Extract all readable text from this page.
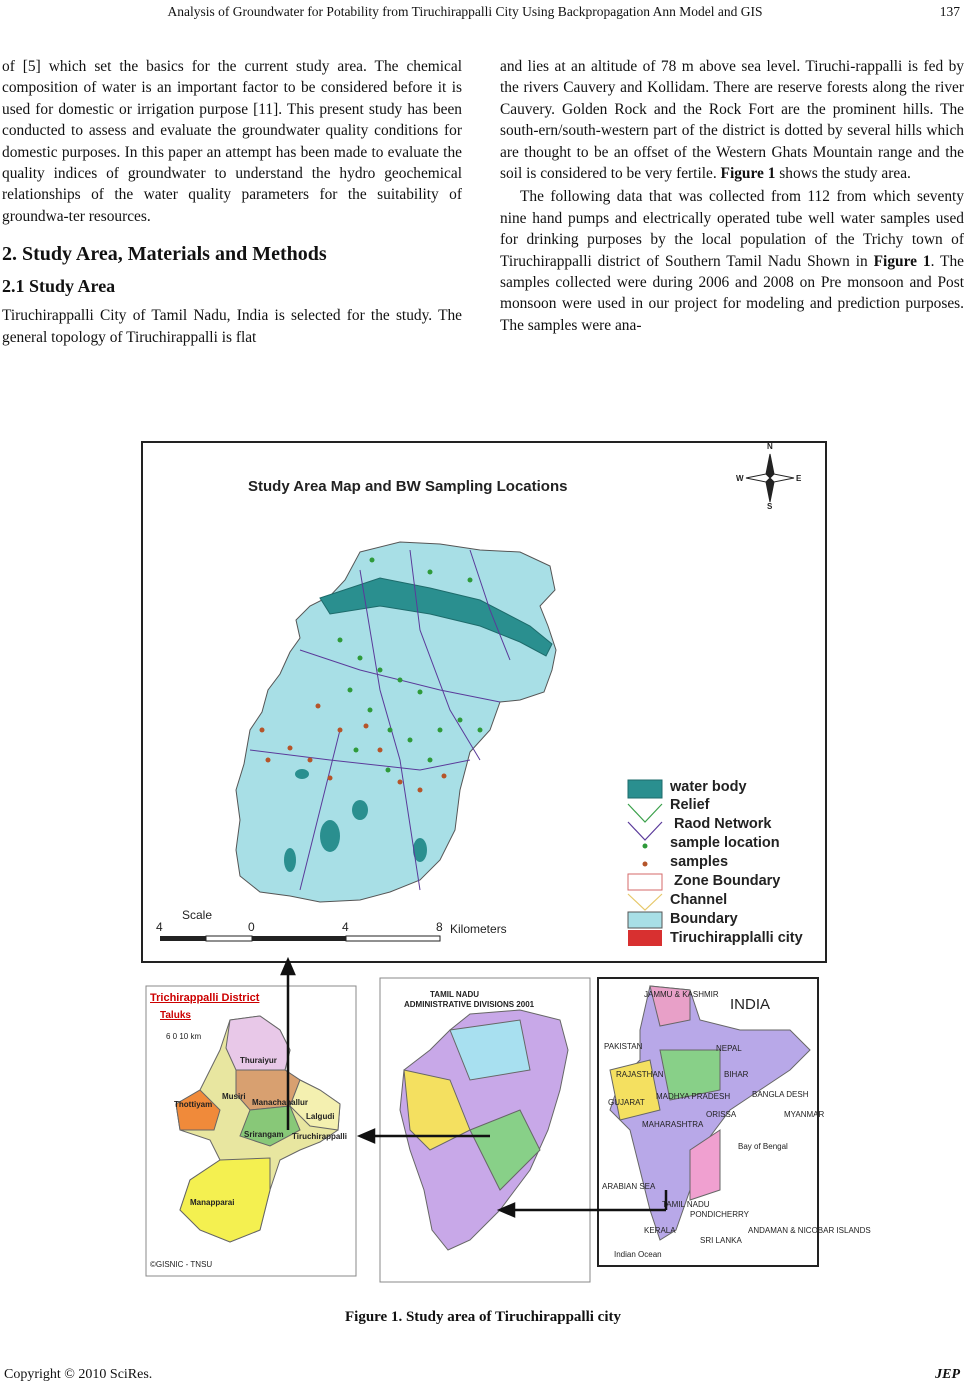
Analysis of Groundwater for Potability from Tiruchirappalli City Using Backpropagation Ann Model and GIS	137

of [5] which set the basics for the current study area. The chemical composition of water is an important factor to be considered before it is used for domestic or irrigation purpose [11]. This present study has been conducted to assess and evaluate the groundwater quality conditions for domestic purposes. In this paper an attempt has been made to evaluate the quality indices of groundwater to understand the hydro geochemical relationships of the water quality parameters for the suitability of groundwa-ter resources.

2. Study Area, Materials and Methods
2.1 Study Area

Tiruchirappalli City of Tamil Nadu, India is selected for the study. The general topology of Tiruchirappalli is flat

and lies at an altitude of 78 m above sea level. Tiruchi-rappalli is fed by the rivers Cauvery and Kollidam. There are reserve forests along the river Cauvery. Golden Rock and the Rock Fort are the prominent hills. The south-ern/south-western part of the district is dotted by several hills which are thought to be an offset of the Western Ghats Mountain range and the soil is considered to be very fertile. Figure 1 shows the study area.

The following data that was collected from 112 from which seventy nine hand pumps and electrically operated tube well water samples used for drinking purposes by the local population of the Trichy town of Tiruchirappalli district of Southern Tamil Nadu Shown in Figure 1. The samples collected were during 2006 and 2008 on Pre monsoon and Post monsoon were used in our project for modeling and prediction purposes. The samples were ana-

Study Area Map and BW Sampling Locations
N
S
E
W
water body
Relief
Raod Network
sample location
samples
Zone Boundary
Channel
Boundary
Tiruchirapplalli city
Scale
4	0	4	8 Kilometers
Trichirappalli District
Taluks
6 0 10 km
Thuraiyur
Musiri
Thottiyam	Manachanallur
Lalgudi
Srirangam Tiruchirappalli
Manapparai
©GISNIC - TNSU
TAMIL NADU
ADMINISTRATIVE DIVISIONS 2001	INDIA
PAKISTAN	NEPAL
MYANMAR
Bay of Bengal
ARABIAN SEA
SRI LANKA
Indian Ocean
PONDICHERRY
KERALA
MADHYA PRADESH
RAJASTHAN
GUJARAT
MAHARASHTRA
ORISSA
BANGLA DESH
BIHAR
TAMIL NADU
JAMMU & KASHMIR
ANDAMAN & NICOBAR ISLANDS
Figure 1. Study area of Tiruchirappalli city
Copyright © 2010 SciRes.	JEP
